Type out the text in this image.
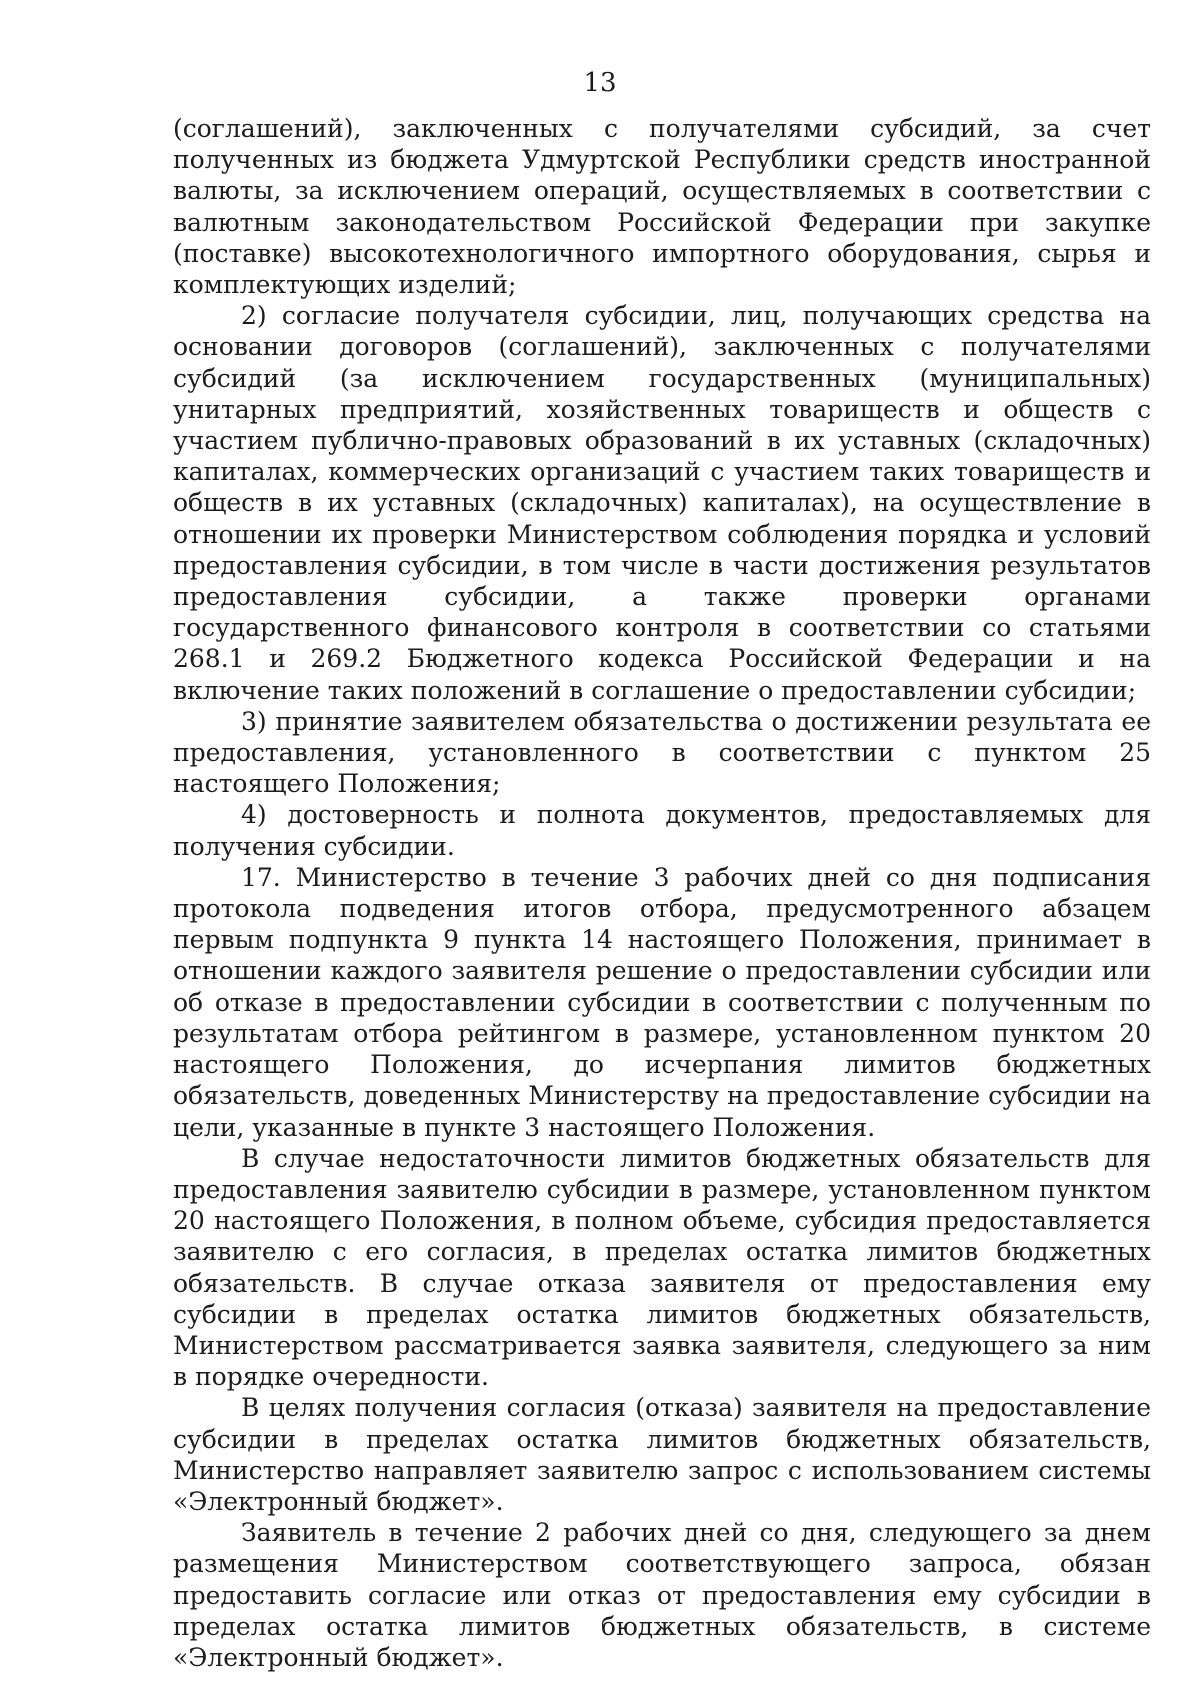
13

(соглашений), заключенных с получателями субсидий, за счет полученных из бюджета Удмуртской Республики средств иностранной валюты, за исключением операций, осуществляемых в соответствии с валютным законодательством Российской Федерации при закупке (поставке) высокотехнологичного импортного оборудования, сырья и комплектующих изделий;

2) согласие получателя субсидии, лиц, получающих средства на основании договоров (соглашений), заключенных с получателями субсидий (за исключением государственных (муниципальных) унитарных предприятий, хозяйственных товариществ и обществ с участием публично-правовых образований в их уставных (складочных) капиталах, коммерческих организаций с участием таких товариществ и обществ в их уставных (складочных) капиталах), на осуществление в отношении их проверки Министерством соблюдения порядка и условий предоставления субсидии, в том числе в части достижения результатов предоставления субсидии, а также проверки органами государственного финансового контроля в соответствии со статьями 268.1 и 269.2 Бюджетного кодекса Российской Федерации и на включение таких положений в соглашение о предоставлении субсидии;

3) принятие заявителем обязательства о достижении результата ее предоставления, установленного в соответствии с пунктом 25 настоящего Положения;

4) достоверность и полнота документов, предоставляемых для получения субсидии.

17. Министерство в течение 3 рабочих дней со дня подписания протокола подведения итогов отбора, предусмотренного абзацем первым подпункта 9 пункта 14 настоящего Положения, принимает в отношении каждого заявителя решение о предоставлении субсидии или об отказе в предоставлении субсидии в соответствии с полученным по результатам отбора рейтингом в размере, установленном пунктом 20 настоящего Положения, до исчерпания лимитов бюджетных обязательств, доведенных Министерству на предоставление субсидии на цели, указанные в пункте 3 настоящего Положения.

В случае недостаточности лимитов бюджетных обязательств для предоставления заявителю субсидии в размере, установленном пунктом 20 настоящего Положения, в полном объеме, субсидия предоставляется заявителю с его согласия, в пределах остатка лимитов бюджетных обязательств. В случае отказа заявителя от предоставления ему субсидии в пределах остатка лимитов бюджетных обязательств, Министерством рассматривается заявка заявителя, следующего за ним в порядке очередности.

В целях получения согласия (отказа) заявителя на предоставление субсидии в пределах остатка лимитов бюджетных обязательств, Министерство направляет заявителю запрос с использованием системы «Электронный бюджет».

Заявитель в течение 2 рабочих дней со дня, следующего за днем размещения Министерством соответствующего запроса, обязан предоставить согласие или отказ от предоставления ему субсидии в пределах остатка лимитов бюджетных обязательств, в системе «Электронный бюджет».
